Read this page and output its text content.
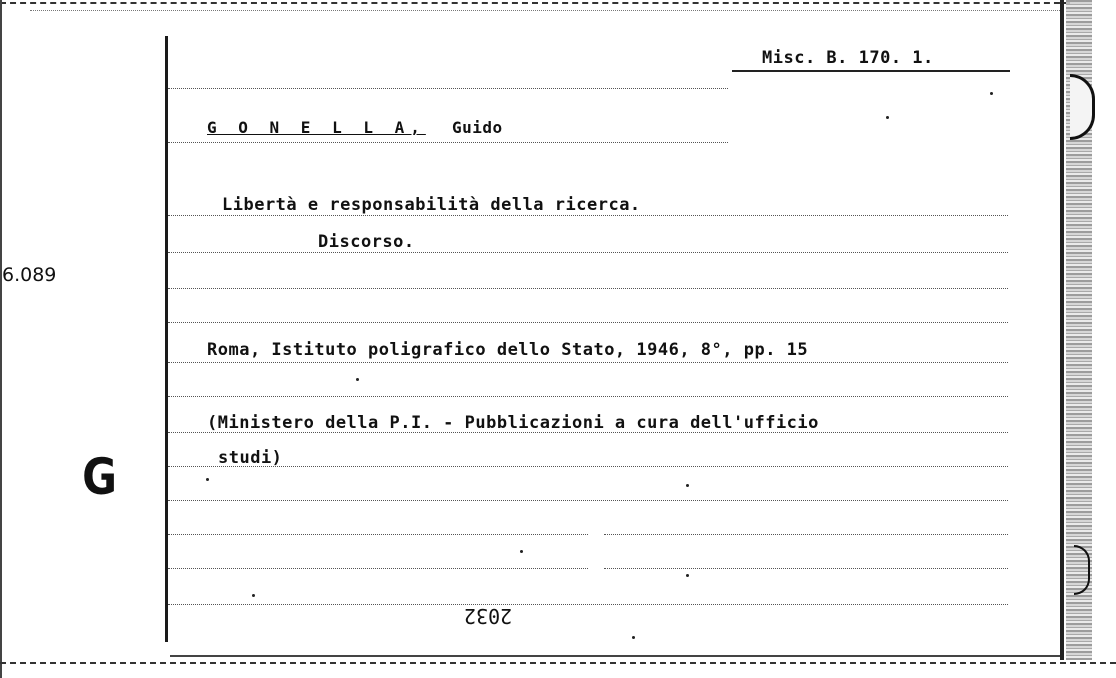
Misc. B. 170. 1.
G O N E L L A, Guido
Libertà e responsabilità della ricerca.
Discorso.
6.089
Roma, Istituto poligrafico dello Stato, 1946, 8°, pp. 15
(Ministero della P.I. - Pubblicazioni a cura dell'ufficio
studi)
G
2032
